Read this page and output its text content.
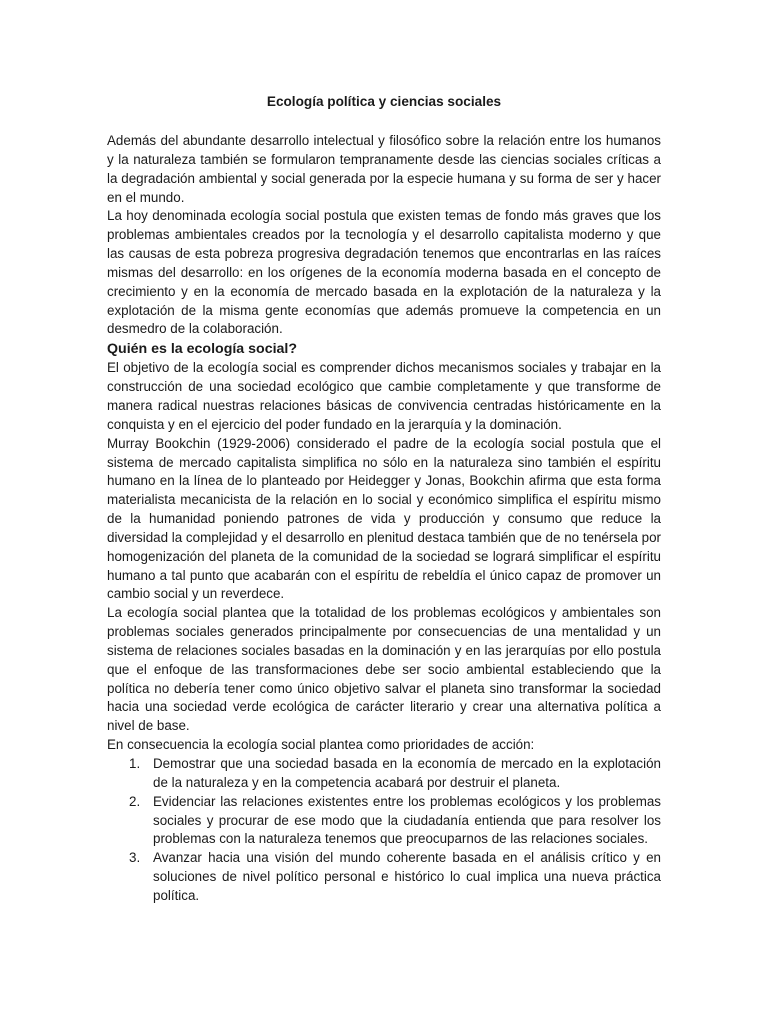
Ecología política y ciencias sociales

Además del abundante desarrollo intelectual y filosófico sobre la relación entre los humanos y la naturaleza también se formularon tempranamente desde las ciencias sociales críticas a la degradación ambiental y social generada por la especie humana y su forma de ser y hacer en el mundo.

La hoy denominada ecología social postula que existen temas de fondo más graves que los problemas ambientales creados por la tecnología y el desarrollo capitalista moderno y que las causas de esta pobreza progresiva degradación tenemos que encontrarlas en las raíces mismas del desarrollo: en los orígenes de la economía moderna basada en el concepto de crecimiento y en la economía de mercado basada en la explotación de la naturaleza y la explotación de la misma gente economías que además promueve la competencia en un desmedro de la colaboración.

Quién es la ecología social?

El objetivo de la ecología social es comprender dichos mecanismos sociales y trabajar en la construcción de una sociedad ecológico que cambie completamente y que transforme de manera radical nuestras relaciones básicas de convivencia centradas históricamente en la conquista y en el ejercicio del poder fundado en la jerarquía y la dominación.

Murray Bookchin (1929-2006) considerado el padre de la ecología social postula que el sistema de mercado capitalista simplifica no sólo en la naturaleza sino también el espíritu humano en la línea de lo planteado por Heidegger y Jonas, Bookchin afirma que esta forma materialista mecanicista de la relación en lo social y económico simplifica el espíritu mismo de la humanidad poniendo patrones de vida y producción y consumo que reduce la diversidad la complejidad y el desarrollo en plenitud destaca también que de no tenérsela por homogenización del planeta de la comunidad de la sociedad se logrará simplificar el espíritu humano a tal punto que acabarán con el espíritu de rebeldía el único capaz de promover un cambio social y un reverdece.

La ecología social plantea que la totalidad de los problemas ecológicos y ambientales son problemas sociales generados principalmente por consecuencias de una mentalidad y un sistema de relaciones sociales basadas en la dominación y en las jerarquías por ello postula que el enfoque de las transformaciones debe ser socio ambiental estableciendo que la política no debería tener como único objetivo salvar el planeta sino transformar la sociedad hacia una sociedad verde ecológica de carácter literario y crear una alternativa política a nivel de base.

En consecuencia la ecología social plantea como prioridades de acción:

1. Demostrar que una sociedad basada en la economía de mercado en la explotación de la naturaleza y en la competencia acabará por destruir el planeta.
2. Evidenciar las relaciones existentes entre los problemas ecológicos y los problemas sociales y procurar de ese modo que la ciudadanía entienda que para resolver los problemas con la naturaleza tenemos que preocuparnos de las relaciones sociales.
3. Avanzar hacia una visión del mundo coherente basada en el análisis crítico y en soluciones de nivel político personal e histórico lo cual implica una nueva práctica política.
